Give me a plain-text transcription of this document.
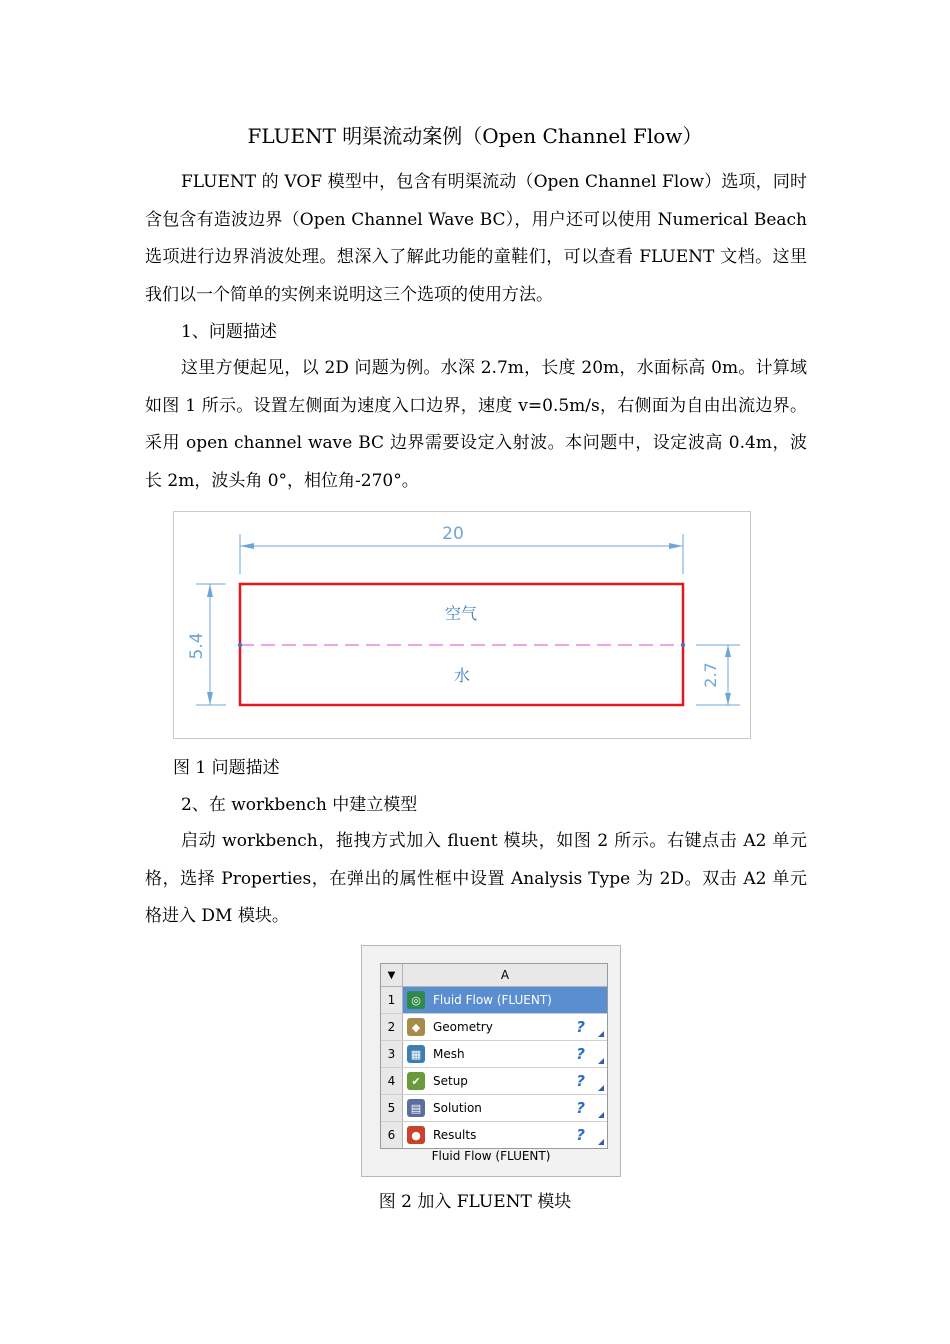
FLUENT 明渠流动案例（Open Channel Flow）

FLUENT 的 VOF 模型中，包含有明渠流动（Open Channel Flow）选项，同时含包含有造波边界（Open Channel Wave BC），用户还可以使用 Numerical Beach 选项进行边界消波处理。想深入了解此功能的童鞋们，可以查看 FLUENT 文档。这里我们以一个简单的实例来说明这三个选项的使用方法。

1、问题描述

这里方便起见，以 2D 问题为例。水深 2.7m，长度 20m，水面标高 0m。计算域如图 1 所示。设置左侧面为速度入口边界，速度 v=0.5m/s，右侧面为自由出流边界。采用 open channel wave BC 边界需要设定入射波。本问题中，设定波高 0.4m，波长 2m，波头角 0°，相位角-270°。

20
5.4
2.7
空气
水
图 1 问题描述
2、在 workbench 中建立模型

启动 workbench，拖拽方式加入 fluent 模块，如图 2 所示。右键点击 A2 单元格，选择 Properties，在弹出的属性框中设置 Analysis Type 为 2D。双击 A2 单元格进入 DM 模块。

▼	A
1	◎	Fluid Flow (FLUENT)
2	◆	Geometry	?
3	▦ Mesh	?
4	✔	Setup	?
5	▤ Solution	?
6	●	Results	?
Fluid Flow (FLUENT)
图 2 加入 FLUENT 模块
